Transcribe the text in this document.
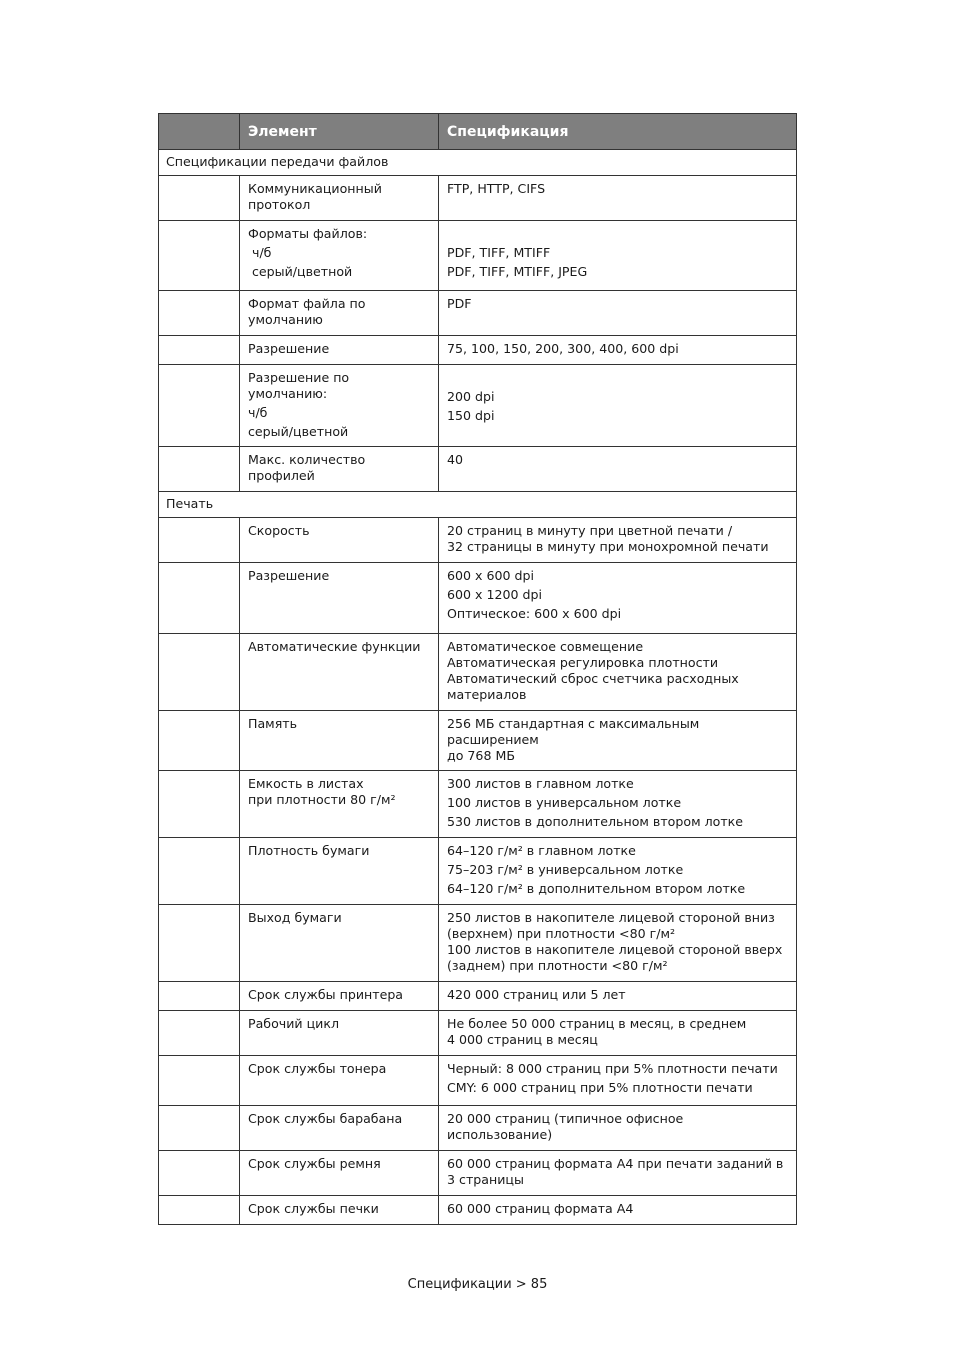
	Элемент	Спецификация
Спецификации передачи файлов		

	Коммуникационный
протокол	FTP, HTTP, CIFS

	Форматы файлов:
ч/б
серый/цветной	PDF, TIFF, MTIFF
PDF, TIFF, MTIFF, JPEG

	Формат файла по
умолчанию	PDF

	Разрешение	75, 100, 150, 200, 300, 400, 600 dpi

	Разрешение по умолчанию:
ч/б
серый/цветной	200 dpi
150 dpi

	Макс. количество
профилей	40

Печать		

	Скорость	20 страниц в минуту при цветной печати /
32 страницы в минуту при монохромной печати

	Разрешение	600 x 600 dpi
600 x 1200 dpi
Оптическое: 600 x 600 dpi

	Автоматические функции	Автоматическое совмещение
Автоматическая регулировка плотности
Автоматический сброс счетчика расходных
материалов

	Память	256 МБ стандартная с максимальным расширением
до 768 МБ

	Емкость в листах
при плотности 80 г/м²	300 листов в главном лотке
100 листов в универсальном лотке
530 листов в дополнительном втором лотке

	Плотность бумаги	64–120 г/м² в главном лотке
75–203 г/м² в универсальном лотке
64–120 г/м² в дополнительном втором лотке

	Выход бумаги	250 листов в накопителе лицевой стороной вниз
(верхнем) при плотности <80 г/м²
100 листов в накопителе лицевой стороной вверх
(заднем) при плотности <80 г/м²

	Срок службы принтера	420 000 страниц или 5 лет

	Рабочий цикл	Не более 50 000 страниц в месяц, в среднем
4 000 страниц в месяц

	Срок службы тонера	Черный: 8 000 страниц при 5% плотности печати
CMY: 6 000 страниц при 5% плотности печати

	Срок службы барабана	20 000 страниц (типичное офисное
использование)

	Срок службы ремня	60 000 страниц формата A4 при печати заданий в
3 страницы

	Срок службы печки	60 000 страниц формата A4
Спецификации > 85
